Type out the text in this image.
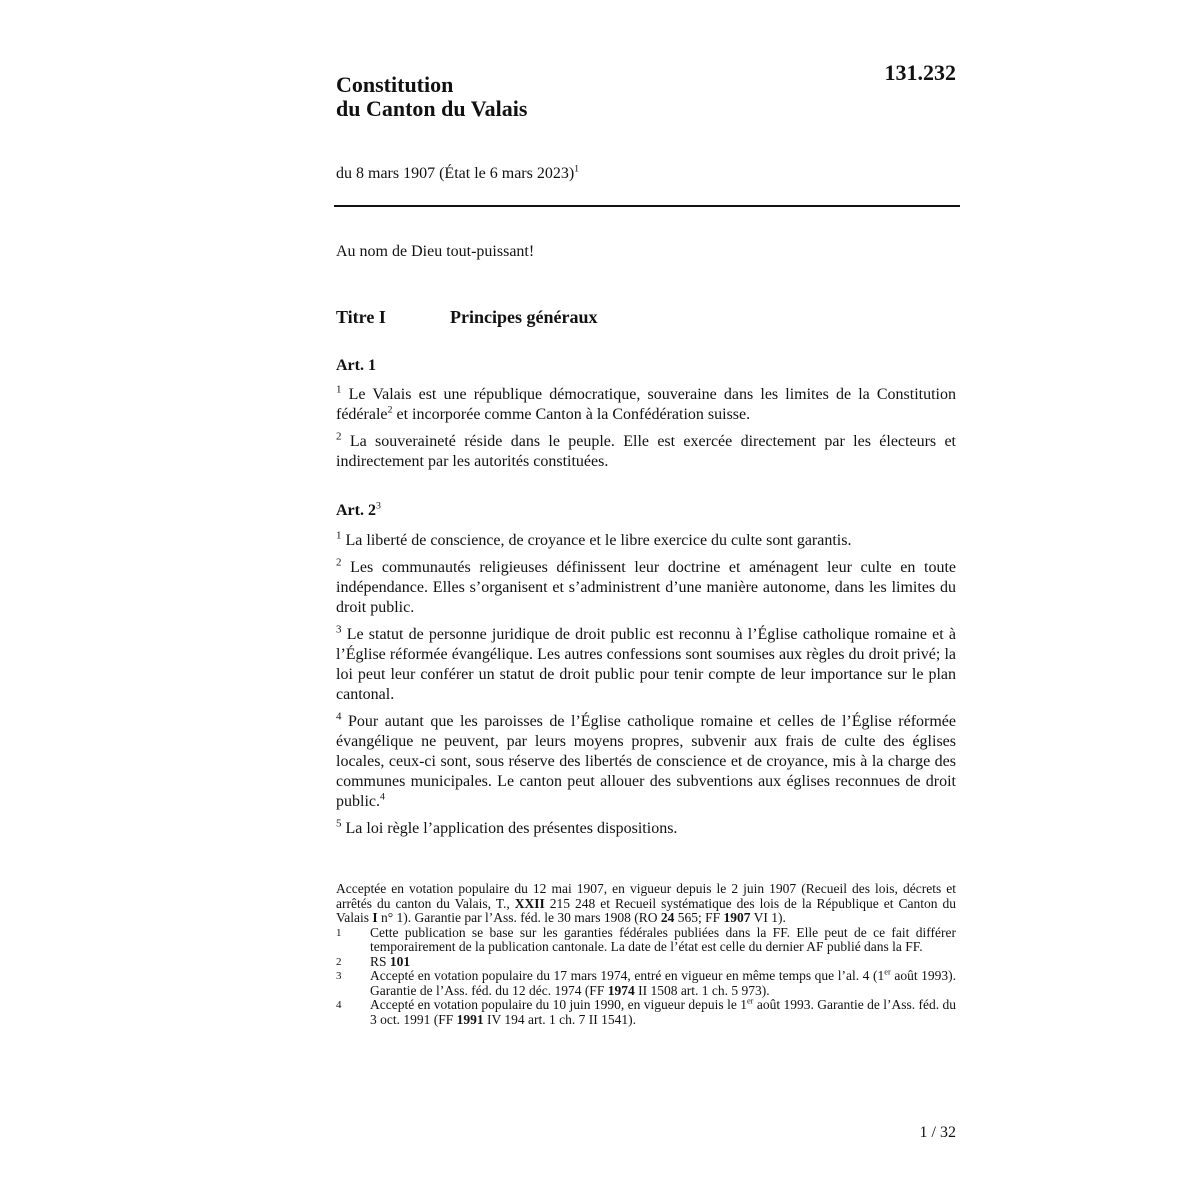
131.232
Constitution
du Canton du Valais
du 8 mars 1907 (État le 6 mars 2023)$^1$
Au nom de Dieu tout-puissant!
Titre I	Principes généraux
Art. 1
$^1$ Le Valais est une république démocratique, souveraine dans les limites de la Constitution fédérale$^2$ et incorporée comme Canton à la Confédération suisse.
$^2$ La souveraineté réside dans le peuple. Elle est exercée directement par les électeurs et indirectement par les autorités constituées.
Art. $2^3$
$^1$ La liberté de conscience, de croyance et le libre exercice du culte sont garantis.
$^2$ Les communautés religieuses définissent leur doctrine et aménagent leur culte en toute indépendance. Elles s’organisent et s’administrent d’une manière autonome, dans les limites du droit public.
$^3$ Le statut de personne juridique de droit public est reconnu à l’Église catholique romaine et à l’Église réformée évangélique. Les autres confessions sont soumises aux règles du droit privé; la loi peut leur conférer un statut de droit public pour tenir compte de leur importance sur le plan cantonal.
$^4$ Pour autant que les paroisses de l’Église catholique romaine et celles de l’Église réformée évangélique ne peuvent, par leurs moyens propres, subvenir aux frais de culte des églises locales, ceux-ci sont, sous réserve des libertés de conscience et de croyance, mis à la charge des communes municipales. Le canton peut allouer des subventions aux églises reconnues de droit public.$^4$
$^5$ La loi règle l’application des présentes dispositions.
Acceptée en votation populaire du 12 mai 1907, en vigueur depuis le 2 juin 1907 (Recueil des lois, décrets et arrêtés du canton du Valais, T., XXII 215 248 et Recueil systématique des lois de la République et Canton du Valais I n° 1). Garantie par l’Ass. féd. le 30 mars 1908 (RO 24 565; FF 1907 VI 1).
1	Cette publication se base sur les garanties fédérales publiées dans la FF. Elle peut de ce fait différer temporairement de la publication cantonale. La date de l’état est celle du dernier AF publié dans la FF.
2	RS 101
3	Accepté en votation populaire du 17 mars 1974, entré en vigueur en même temps que l’al. 4 (1er août 1993). Garantie de l’Ass. féd. du 12 déc. 1974 (FF 1974 II 1508 art. 1 ch. 5 973).
4	Accepté en votation populaire du 10 juin 1990, en vigueur depuis le 1er août 1993. Garantie de l’Ass. féd. du 3 oct. 1991 (FF 1991 IV 194 art. 1 ch. 7 II 1541).
1 / 32
